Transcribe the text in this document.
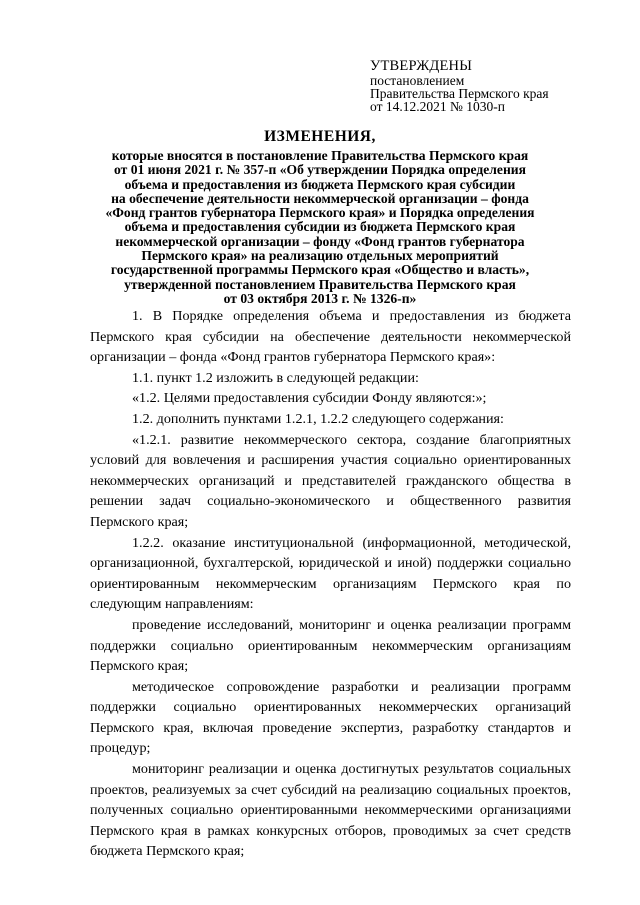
УТВЕРЖДЕНЫ
постановлением
Правительства Пермского края
от 14.12.2021 № 1030-п
ИЗМЕНЕНИЯ,
которые вносятся в постановление Правительства Пермского края
от 01 июня 2021 г. № 357-п «Об утверждении Порядка определения
объема и предоставления из бюджета Пермского края субсидии
на обеспечение деятельности некоммерческой организации – фонда
«Фонд грантов губернатора Пермского края» и Порядка определения
объема и предоставления субсидии из бюджета Пермского края
некоммерческой организации – фонду «Фонд грантов губернатора
Пермского края» на реализацию отдельных мероприятий
государственной программы Пермского края «Общество и власть»,
утвержденной постановлением Правительства Пермского края
от 03 октября 2013 г. № 1326-п»

1. В Порядке определения объема и предоставления из бюджета Пермского края субсидии на обеспечение деятельности некоммерческой организации – фонда «Фонд грантов губернатора Пермского края»:

1.1. пункт 1.2 изложить в следующей редакции:

«1.2. Целями предоставления субсидии Фонду являются:»;

1.2. дополнить пунктами 1.2.1, 1.2.2 следующего содержания:

«1.2.1. развитие некоммерческого сектора, создание благоприятных условий для вовлечения и расширения участия социально ориентированных некоммерческих организаций и представителей гражданского общества в решении задач социально-экономического и общественного развития Пермского края;

1.2.2. оказание институциональной (информационной, методической, организационной, бухгалтерской, юридической и иной) поддержки социально ориентированным некоммерческим организациям Пермского края по следующим направлениям:

проведение исследований, мониторинг и оценка реализации программ поддержки социально ориентированным некоммерческим организациям Пермского края;

методическое сопровождение разработки и реализации программ поддержки социально ориентированных некоммерческих организаций Пермского края, включая проведение экспертиз, разработку стандартов и процедур;

мониторинг реализации и оценка достигнутых результатов социальных проектов, реализуемых за счет субсидий на реализацию социальных проектов, полученных социально ориентированными некоммерческими организациями Пермского края в рамках конкурсных отборов, проводимых за счет средств бюджета Пермского края;
